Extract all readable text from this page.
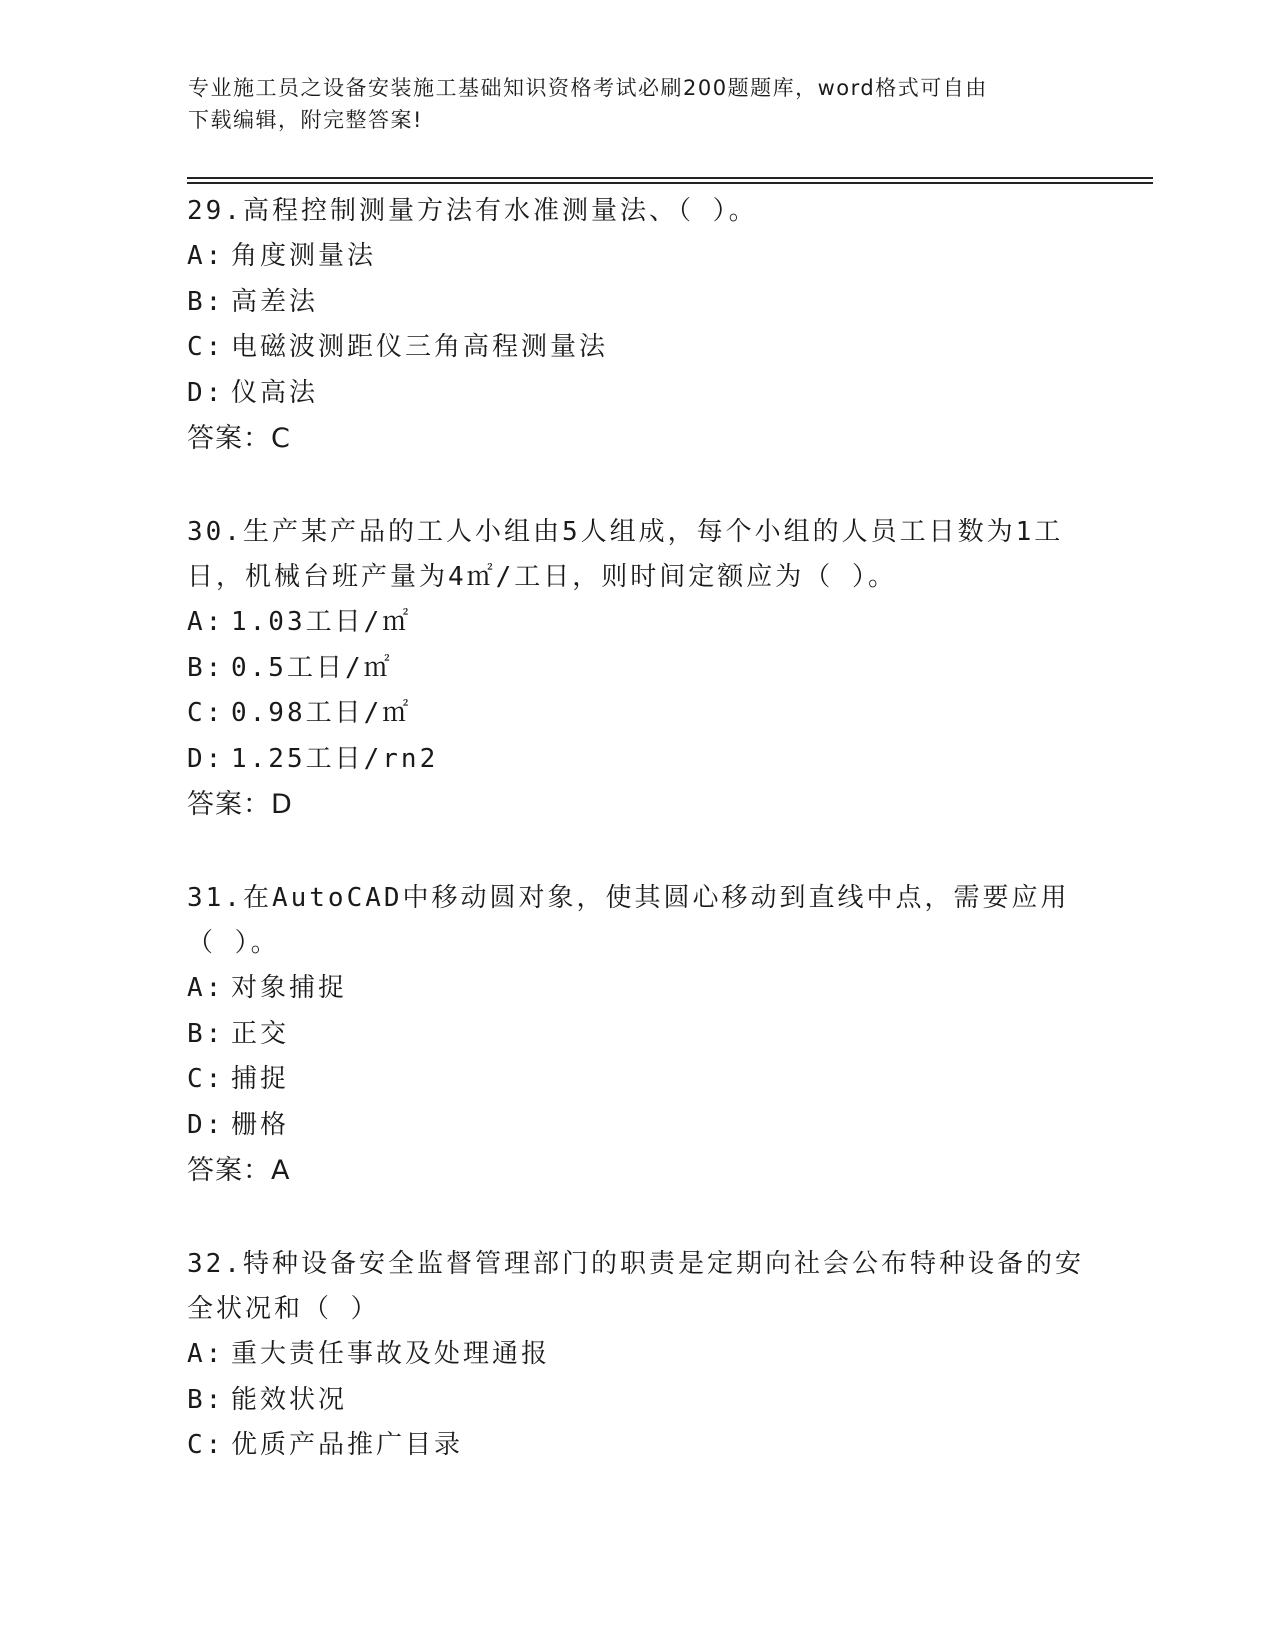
专业施工员之设备安装施工基础知识资格考试必刷200题题库，word格式可自由
下载编辑，附完整答案!

29.高程控制测量方法有水准测量法、（ ）。

A: 角度测量法

B: 高差法

C: 电磁波测距仪三角高程测量法

D: 仪高法

答案：C

30.生产某产品的工人小组由5人组成，每个小组的人员工日数为1工日，机械台班产量为4㎡/工日，则时间定额应为（ ）。

A: 1.03工日/㎡

B: 0.5工日/㎡

C: 0.98工日/㎡

D: 1.25工日/rn2

答案：D

31.在AutoCAD中移动圆对象，使其圆心移动到直线中点，需要应用（ ）。

A: 对象捕捉

B: 正交

C: 捕捉

D: 栅格

答案：A

32.特种设备安全监督管理部门的职责是定期向社会公布特种设备的安全状况和（ ）

A: 重大责任事故及处理通报

B: 能效状况

C: 优质产品推广目录
